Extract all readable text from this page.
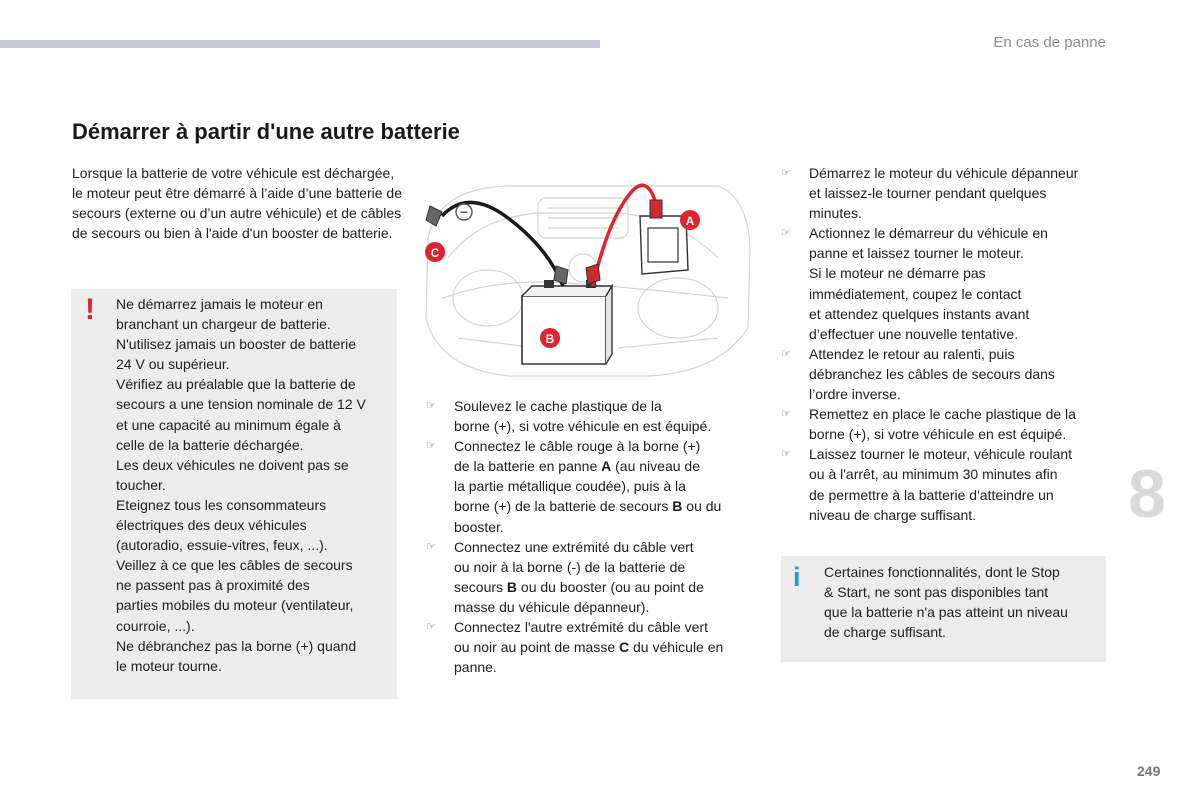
En cas de panne
Démarrer à partir d'une autre batterie

Lorsque la batterie de votre véhicule est déchargée, le moteur peut être démarré à l’aide d’une batterie de secours (externe ou d’un autre véhicule) et de câbles de secours ou bien à l'aide d'un booster de batterie.

! Ne démarrez jamais le moteur en
branchant un chargeur de batterie.
N'utilisez jamais un booster de batterie
24 V ou supérieur.
Vérifiez au préalable que la batterie de
secours a une tension nominale de 12 V
et une capacité au minimum égale à
celle de la batterie déchargée.
Les deux véhicules ne doivent pas se
toucher.
Eteignez tous les consommateurs
électriques des deux véhicules
(autoradio, essuie-vitres, feux, ...).
Veillez à ce que les câbles de secours
ne passent pas à proximité des
parties mobiles du moteur (ventilateur,
courroie, ...).
Ne débranchez pas la borne (+) quand
le moteur tourne.
−	+
A
B
C
☞ Soulevez le cache plastique de la
borne (+), si votre véhicule en est équipé.
☞ Connectez le câble rouge à la borne (+)
de la batterie en panne A (au niveau de
la partie métallique coudée), puis à la
borne (+) de la batterie de secours B ou du
booster.
☞ Connectez une extrémité du câble vert
ou noir à la borne (-) de la batterie de
secours B ou du booster (ou au point de
masse du véhicule dépanneur).
☞ Connectez l'autre extrémité du câble vert
ou noir au point de masse C du véhicule en
panne.
☞ Démarrez le moteur du véhicule dépanneur
et laissez-le tourner pendant quelques
minutes.
☞ Actionnez le démarreur du véhicule en
panne et laissez tourner le moteur.
Si le moteur ne démarre pas
immédiatement, coupez le contact
et attendez quelques instants avant
d’effectuer une nouvelle tentative.
☞ Attendez le retour au ralenti, puis
débranchez les câbles de secours dans
l’ordre inverse.
☞ Remettez en place le cache plastique de la
borne (+), si votre véhicule en est équipé.
☞ Laissez tourner le moteur, véhicule roulant
ou à l'arrêt, au minimum 30 minutes afin
de permettre à la batterie d'atteindre un
niveau de charge suffisant.
i Certaines fonctionnalités, dont le Stop
& Start, ne sont pas disponibles tant
que la batterie n'a pas atteint un niveau
de charge suffisant.
8
249
